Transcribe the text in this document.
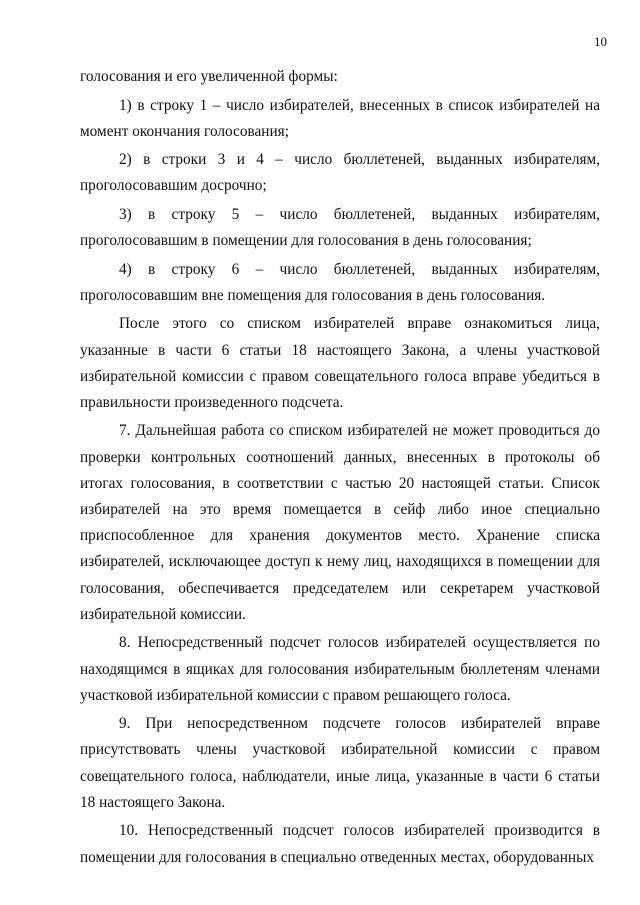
10

голосования и его увеличенной формы:

1) в строку 1 – число избирателей, внесенных в список избирателей на момент окончания голосования;

2) в строки 3 и 4 – число бюллетеней, выданных избирателям, проголосовавшим досрочно;

3) в строку 5 – число бюллетеней, выданных избирателям, проголосовавшим в помещении для голосования в день голосования;

4) в строку 6 – число бюллетеней, выданных избирателям, проголосовавшим вне помещения для голосования в день голосования.

После этого со списком избирателей вправе ознакомиться лица, указанные в части 6 статьи 18 настоящего Закона, а члены участковой избирательной комиссии с правом совещательного голоса вправе убедиться в правильности произведенного подсчета.

7. Дальнейшая работа со списком избирателей не может проводиться до проверки контрольных соотношений данных, внесенных в протоколы об итогах голосования, в соответствии с частью 20 настоящей статьи. Список избирателей на это время помещается в сейф либо иное специально приспособленное для хранения документов место. Хранение списка избирателей, исключающее доступ к нему лиц, находящихся в помещении для голосования, обеспечивается председателем или секретарем участковой избирательной комиссии.

8. Непосредственный подсчет голосов избирателей осуществляется по находящимся в ящиках для голосования избирательным бюллетеням членами участковой избирательной комиссии с правом решающего голоса.

9. При непосредственном подсчете голосов избирателей вправе присутствовать члены участковой избирательной комиссии с правом совещательного голоса, наблюдатели, иные лица, указанные в части 6 статьи 18 настоящего Закона.

10. Непосредственный подсчет голосов избирателей производится в помещении для голосования в специально отведенных местах, оборудованных
